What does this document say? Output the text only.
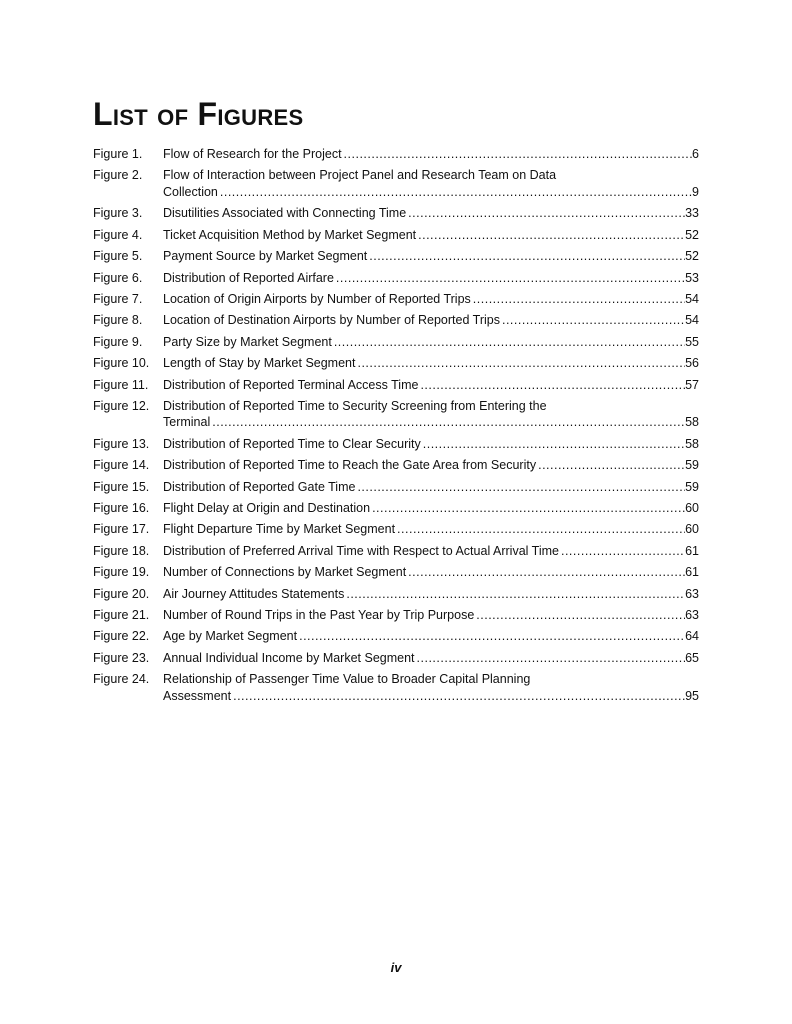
List of Figures
Figure 1.	Flow of Research for the Project .....	6
Figure 2. Flow of Interaction between Project Panel and Research Team on Data
Collection .....	9
Figure 3.	Disutilities Associated with Connecting Time .....	33
Figure 4.	Ticket Acquisition Method by Market Segment .....	52
Figure 5.	Payment Source by Market Segment .....	52
Figure 6.	Distribution of Reported Airfare .....	53
Figure 7.	Location of Origin Airports by Number of Reported Trips .....	54
Figure 8.	Location of Destination Airports by Number of Reported Trips .....	54
Figure 9.	Party Size by Market Segment .....	55
Figure 10.	Length of Stay by Market Segment .....	56
Figure 11.	Distribution of Reported Terminal Access Time .....	57
Figure 12. Distribution of Reported Time to Security Screening from Entering the
Terminal .....	58
Figure 13.	Distribution of Reported Time to Clear Security .....	58
Figure 14.	Distribution of Reported Time to Reach the Gate Area from Security .....	59
Figure 15.	Distribution of Reported Gate Time .....	59
Figure 16.	Flight Delay at Origin and Destination .....	60
Figure 17.	Flight Departure Time by Market Segment .....	60
Figure 18.	Distribution of Preferred Arrival Time with Respect to Actual Arrival Time .....	61
Figure 19.	Number of Connections by Market Segment .....	61
Figure 20.	Air Journey Attitudes Statements .....	63
Figure 21.	Number of Round Trips in the Past Year by Trip Purpose .....	63
Figure 22.	Age by Market Segment .....	64
Figure 23.	Annual Individual Income by Market Segment .....	65
Figure 24. Relationship of Passenger Time Value to Broader Capital Planning
Assessment .....	95
iv
